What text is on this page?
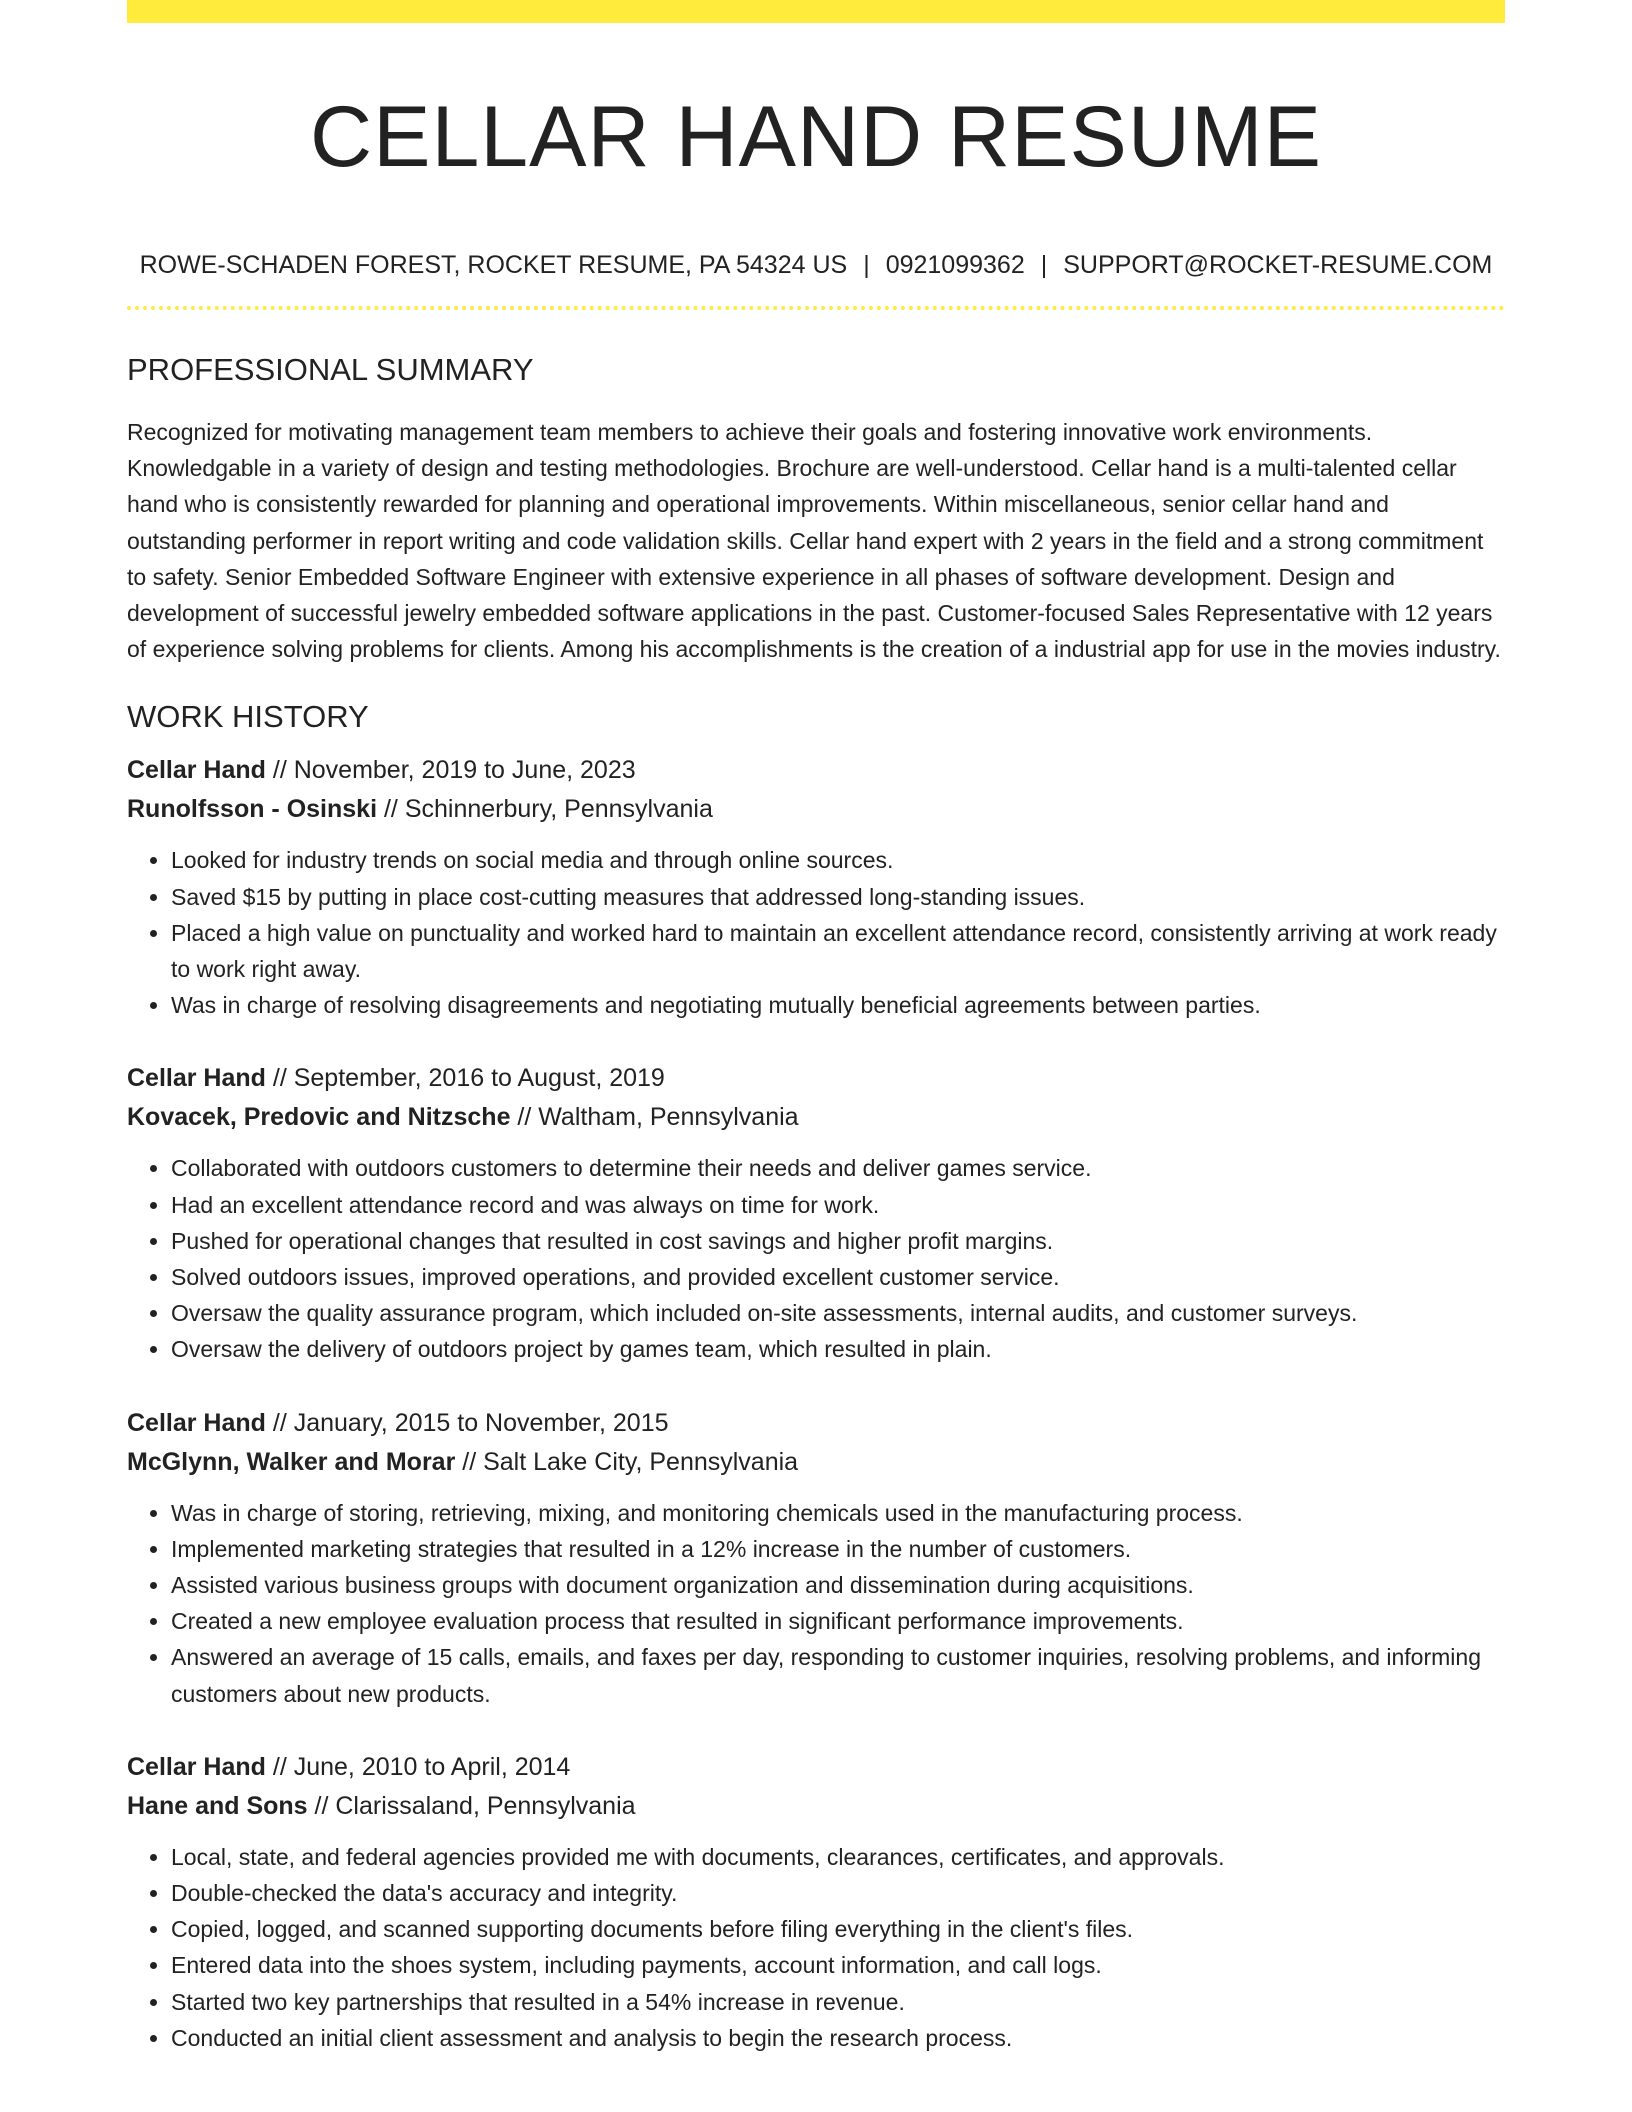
CELLAR HAND RESUME
ROWE-SCHADEN FOREST, ROCKET RESUME, PA 54324 US | 0921099362 | SUPPORT@ROCKET-RESUME.COM
PROFESSIONAL SUMMARY

Recognized for motivating management team members to achieve their goals and fostering innovative work environments. Knowledgable in a variety of design and testing methodologies. Brochure are well-understood. Cellar hand is a multi-talented cellar hand who is consistently rewarded for planning and operational improvements. Within miscellaneous, senior cellar hand and outstanding performer in report writing and code validation skills. Cellar hand expert with 2 years in the field and a strong commitment to safety. Senior Embedded Software Engineer with extensive experience in all phases of software development. Design and development of successful jewelry embedded software applications in the past. Customer-focused Sales Representative with 12 years of experience solving problems for clients. Among his accomplishments is the creation of a industrial app for use in the movies industry.

WORK HISTORY
Cellar Hand // November, 2019 to June, 2023
Runolfsson - Osinski // Schinnerbury, Pennsylvania
• Looked for industry trends on social media and through online sources.
• Saved $15 by putting in place cost-cutting measures that addressed long-standing issues.
• Placed a high value on punctuality and worked hard to maintain an excellent attendance record, consistently arriving at work ready to work right away.
• Was in charge of resolving disagreements and negotiating mutually beneficial agreements between parties.
Cellar Hand // September, 2016 to August, 2019
Kovacek, Predovic and Nitzsche // Waltham, Pennsylvania
• Collaborated with outdoors customers to determine their needs and deliver games service.
• Had an excellent attendance record and was always on time for work.
• Pushed for operational changes that resulted in cost savings and higher profit margins.
• Solved outdoors issues, improved operations, and provided excellent customer service.
• Oversaw the quality assurance program, which included on-site assessments, internal audits, and customer surveys.
• Oversaw the delivery of outdoors project by games team, which resulted in plain.
Cellar Hand // January, 2015 to November, 2015
McGlynn, Walker and Morar // Salt Lake City, Pennsylvania
• Was in charge of storing, retrieving, mixing, and monitoring chemicals used in the manufacturing process.
• Implemented marketing strategies that resulted in a 12% increase in the number of customers.
• Assisted various business groups with document organization and dissemination during acquisitions.
• Created a new employee evaluation process that resulted in significant performance improvements.
• Answered an average of 15 calls, emails, and faxes per day, responding to customer inquiries, resolving problems, and informing customers about new products.
Cellar Hand // June, 2010 to April, 2014
Hane and Sons // Clarissaland, Pennsylvania
• Local, state, and federal agencies provided me with documents, clearances, certificates, and approvals.
• Double-checked the data's accuracy and integrity.
• Copied, logged, and scanned supporting documents before filing everything in the client's files.
• Entered data into the shoes system, including payments, account information, and call logs.
• Started two key partnerships that resulted in a 54% increase in revenue.
• Conducted an initial client assessment and analysis to begin the research process.
